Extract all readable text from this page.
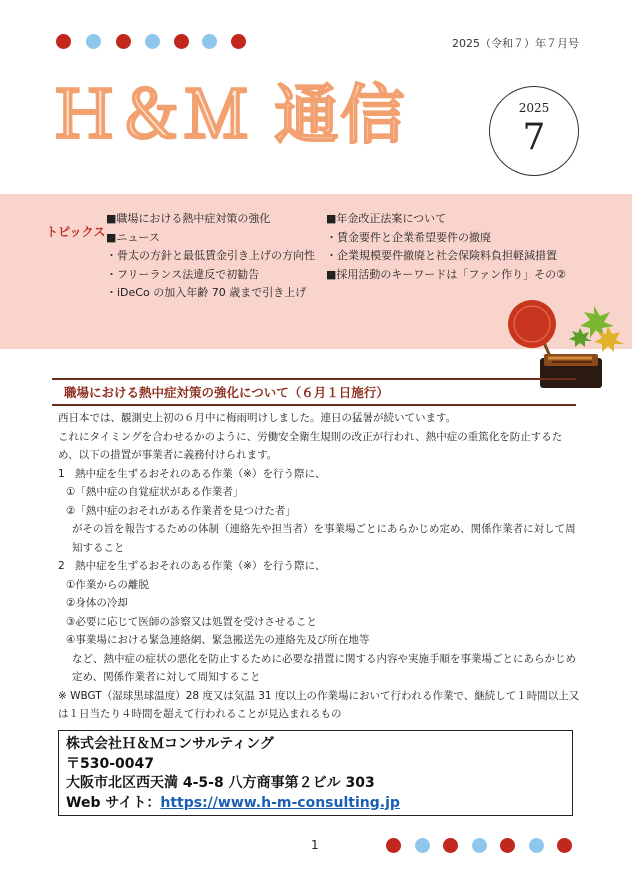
2025（令和７）年７月号
Ｈ＆Ｍ 通信	2025
7
トピックス
■職場における熱中症対策の強化
■ニュース
・骨太の方針と最低賃金引き上げの方向性
・フリーランス法違反で初勧告
・iDeCo の加入年齢 70 歳まで引き上げ
■年金改正法案について
・賃金要件と企業希望要件の撤廃
・企業規模要件撤廃と社会保険料負担軽減措置
■採用活動のキーワードは「ファン作り」その②
職場における熱中症対策の強化について（６月１日施行）

西日本では、観測史上初の６月中に梅雨明けしました。連日の猛暑が続いています。

これにタイミングを合わせるかのように、労働安全衛生規則の改正が行われ、熱中症の重篤化を防止するため、以下の措置が事業者に義務付けられます。

1　熱中症を生ずるおそれのある作業（※）を行う際に、

①「熱中症の自覚症状がある作業者」

②「熱中症のおそれがある作業者を見つけた者」

がその旨を報告するための体制（連絡先や担当者）を事業場ごとにあらかじめ定め、関係作業者に対して周知すること

2　熱中症を生ずるおそれのある作業（※）を行う際に、

①作業からの離脱

②身体の冷却

③必要に応じて医師の診察又は処置を受けさせること

④事業場における緊急連絡網、緊急搬送先の連絡先及び所在地等

など、熱中症の症状の悪化を防止するために必要な措置に関する内容や実施手順を事業場ごとにあらかじめ定め、関係作業者に対して周知すること

※ WBGT（湿球黒球温度）28 度又は気温 31 度以上の作業場において行われる作業で、継続して１時間以上又は１日当たり４時間を超えて行われることが見込まれるもの

株式会社Ｈ＆Ｍコンサルティング
〒530-0047
大阪市北区西天満 4-5-8 八方商事第２ビル 303
Web サイト：https://www.h-m-consulting.jp
1
